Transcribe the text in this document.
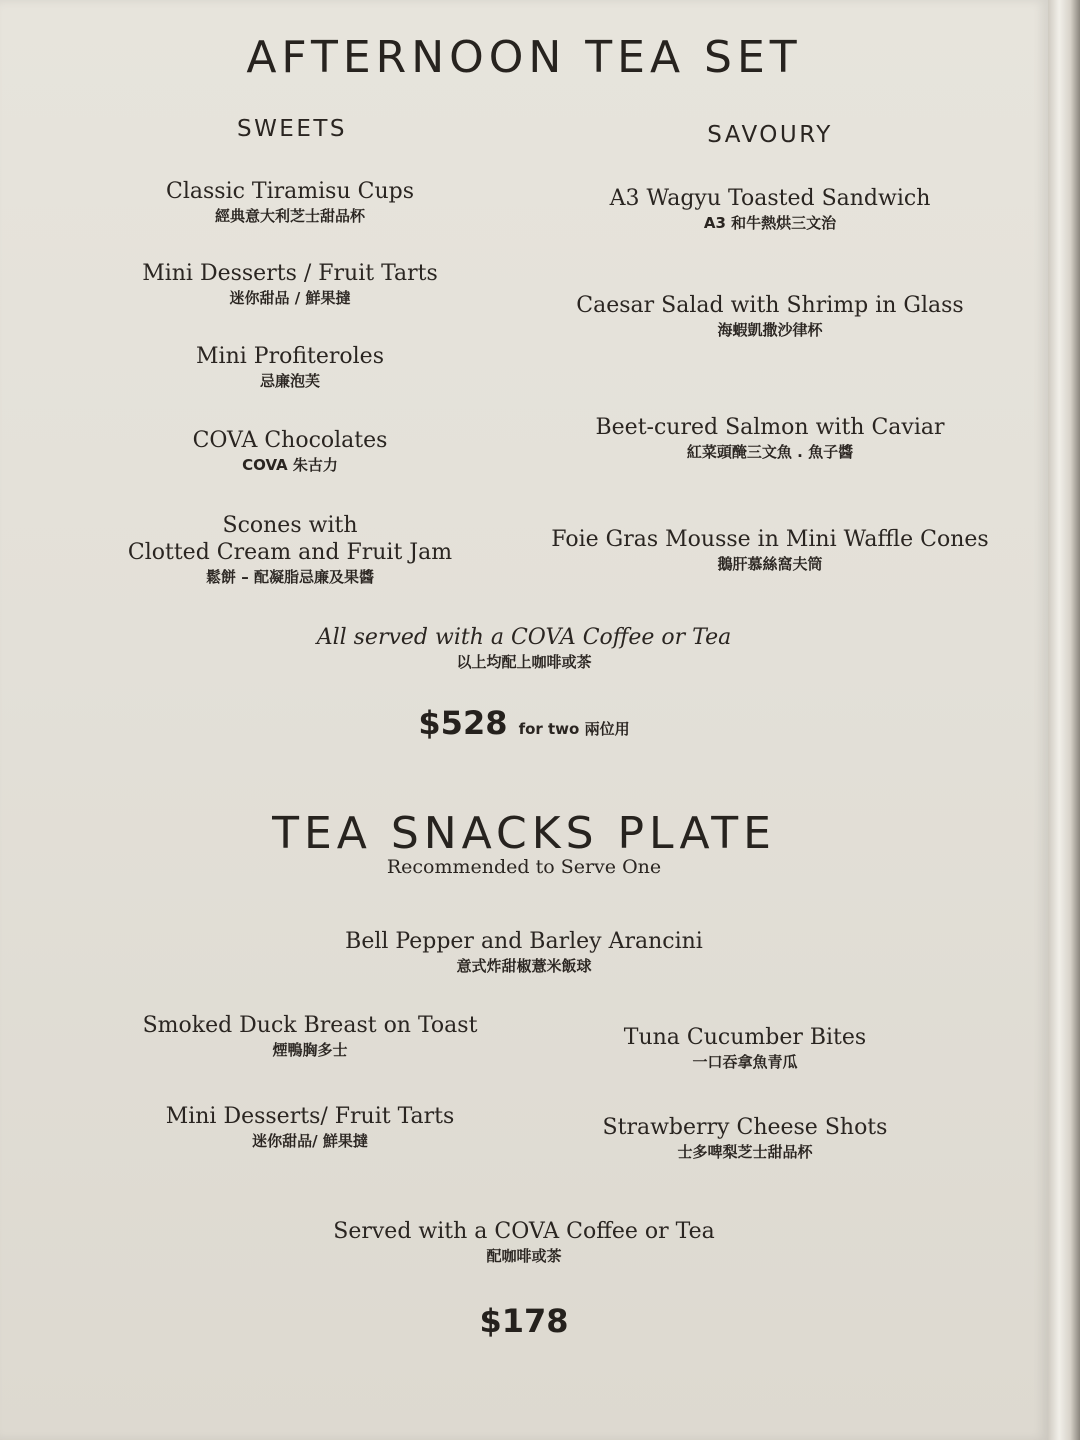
AFTERNOON TEA SET
SWEETS	SAVOURY
Classic Tiramisu Cups
經典意大利芝士甜品杯
Mini Desserts / Fruit Tarts
迷你甜品 / 鮮果撻
Mini Profiteroles
忌廉泡芙
COVA Chocolates
COVA 朱古力
Scones with
Clotted Cream and Fruit Jam
鬆餅 – 配凝脂忌廉及果醬
A3 Wagyu Toasted Sandwich
A3 和牛熱烘三文治
Caesar Salad with Shrimp in Glass
海蝦凱撒沙律杯
Beet-cured Salmon with Caviar
紅菜頭醃三文魚 . 魚子醬
Foie Gras Mousse in Mini Waffle Cones
鵝肝慕絲窩夫筒
All served with a COVA Coffee or Tea
以上均配上咖啡或茶
$528 for two 兩位用
TEA SNACKS PLATE
Recommended to Serve One
Bell Pepper and Barley Arancini
意式炸甜椒薏米飯球
Smoked Duck Breast on Toast
煙鴨胸多士
Mini Desserts/ Fruit Tarts
迷你甜品/ 鮮果撻
Tuna Cucumber Bites
一口吞拿魚青瓜
Strawberry Cheese Shots
士多啤梨芝士甜品杯
Served with a COVA Coffee or Tea
配咖啡或茶
$178
